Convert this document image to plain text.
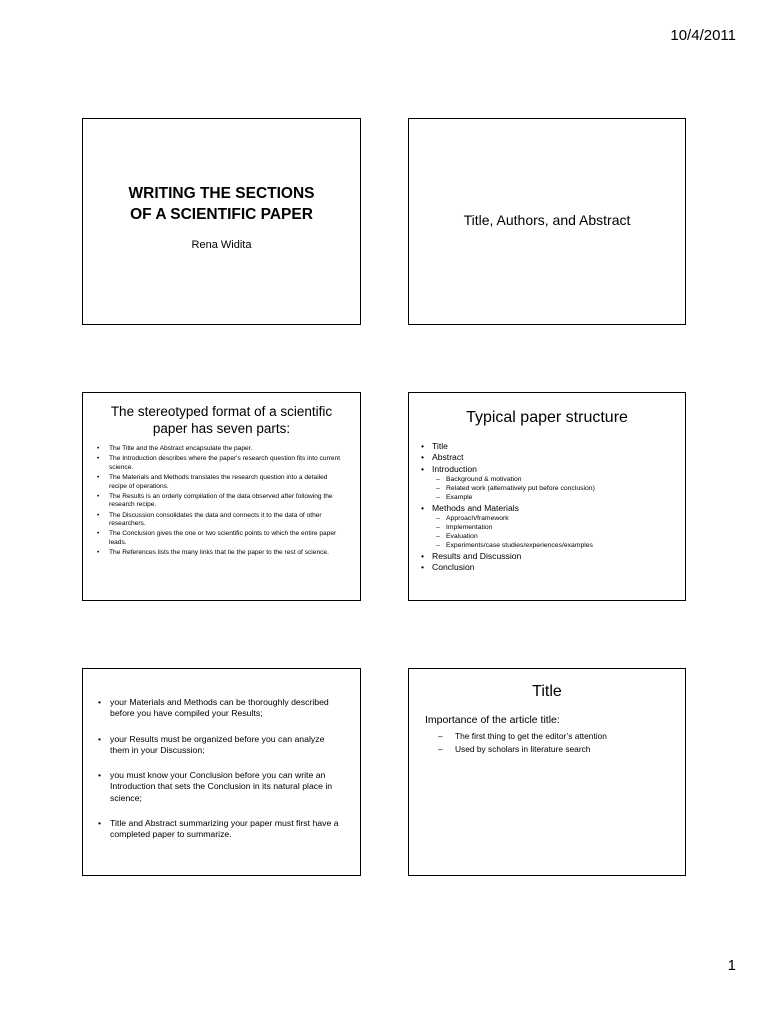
10/4/2011
WRITING THE SECTIONS
OF A SCIENTIFIC PAPER
Rena Widita
Title, Authors, and Abstract
The stereotyped format of a scientific
paper has seven parts:
• The Title and the Abstract encapsulate the paper.
• The Introduction describes where the paper's research question fits into current science.
• The Materials and Methods translates the research question into a detailed recipe of operations.
• The Results is an orderly compilation of the data observed after following the research recipe.
• The Discussion consolidates the data and connects it to the data of other researchers.
• The Conclusion gives the one or two scientific points to which the entire paper leads.
• The References lists the many links that tie the paper to the rest of science.
Typical paper structure
• Title
• Abstract
• Introduction
– Background & motivation
– Related work (alternatively put before conclusion)
– Example
• Methods and Materials
– Approach/framework
– Implementation
– Evaluation
– Experiments/case studies/experiences/examples
• Results and Discussion
• Conclusion
• your Materials and Methods can be thoroughly described before you have compiled your Results;
• your Results must be organized before you can analyze them in your Discussion;
• you must know your Conclusion before you can write an Introduction that sets the Conclusion in its natural place in science;
• Title and Abstract summarizing your paper must first have a completed paper to summarize.
Title
Importance of the article title:
– The first thing to get the editor’s attention
– Used by scholars in literature search
1
